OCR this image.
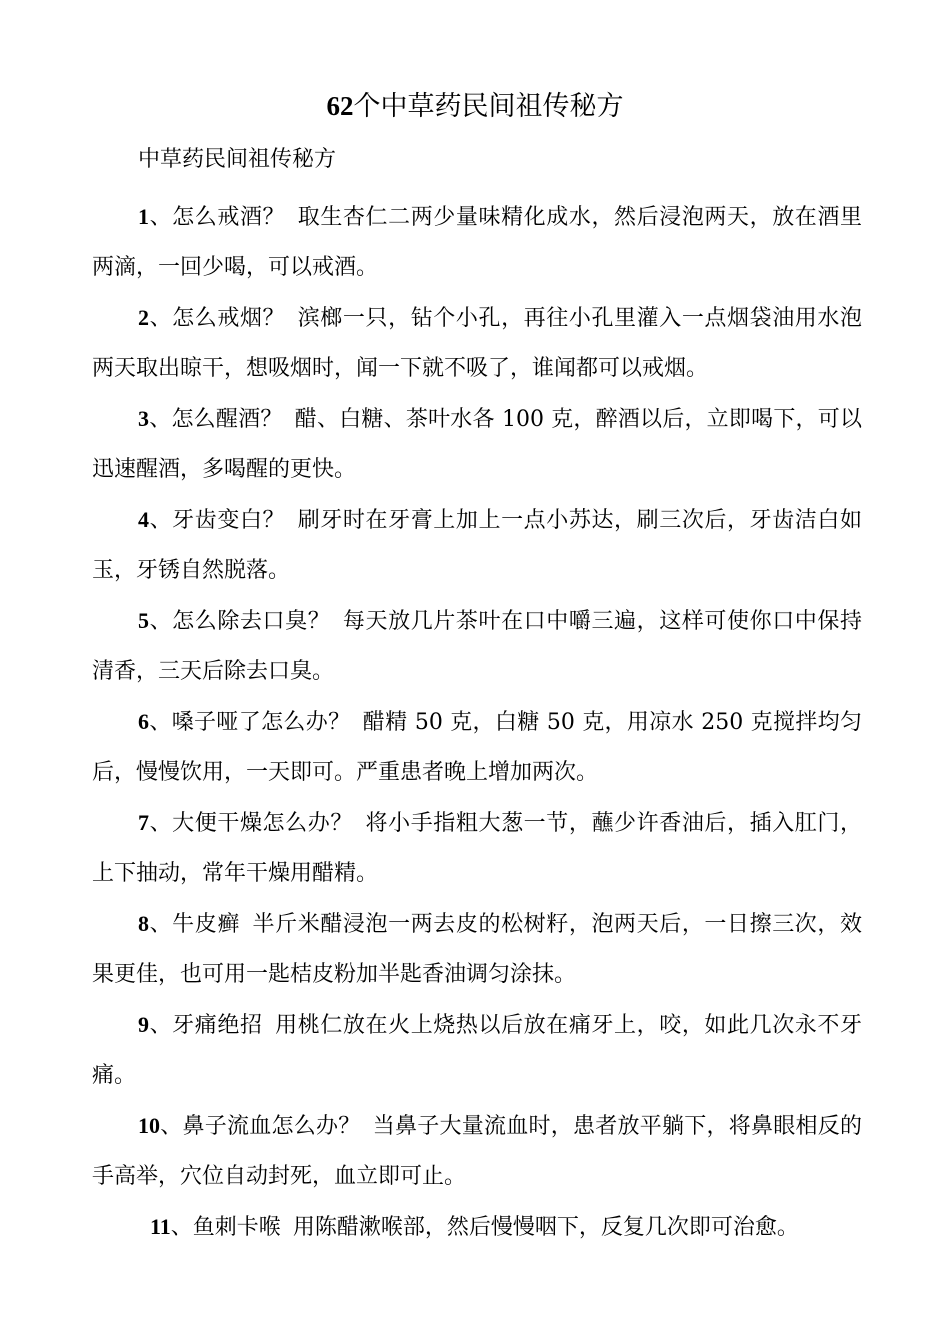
62个中草药民间祖传秘方
中草药民间祖传秘方

1、怎么戒酒？ 取生杏仁二两少量味精化成水，然后浸泡两天，放在酒里两滴，一回少喝，可以戒酒。

2、怎么戒烟？ 滨榔一只，钻个小孔，再往小孔里灌入一点烟袋油用水泡两天取出晾干，想吸烟时，闻一下就不吸了，谁闻都可以戒烟。

3、怎么醒酒？ 醋、白糖、茶叶水各 100 克，醉酒以后，立即喝下，可以迅速醒酒，多喝醒的更快。

4、牙齿变白？ 刷牙时在牙膏上加上一点小苏达，刷三次后，牙齿洁白如玉，牙锈自然脱落。

5、怎么除去口臭？ 每天放几片茶叶在口中嚼三遍，这样可使你口中保持清香，三天后除去口臭。

6、嗓子哑了怎么办？ 醋精 50 克，白糖 50 克，用凉水 250 克搅拌均匀后，慢慢饮用，一天即可。严重患者晚上增加两次。

7、大便干燥怎么办？ 将小手指粗大葱一节，蘸少许香油后，插入肛门，上下抽动，常年干燥用醋精。

8、牛皮癣 半斤米醋浸泡一两去皮的松树籽，泡两天后，一日擦三次，效果更佳，也可用一匙桔皮粉加半匙香油调匀涂抹。

9、牙痛绝招 用桃仁放在火上烧热以后放在痛牙上，咬，如此几次永不牙痛。

10、鼻子流血怎么办？ 当鼻子大量流血时，患者放平躺下，将鼻眼相反的手高举，穴位自动封死，血立即可止。

11、鱼刺卡喉 用陈醋漱喉部，然后慢慢咽下，反复几次即可治愈。
